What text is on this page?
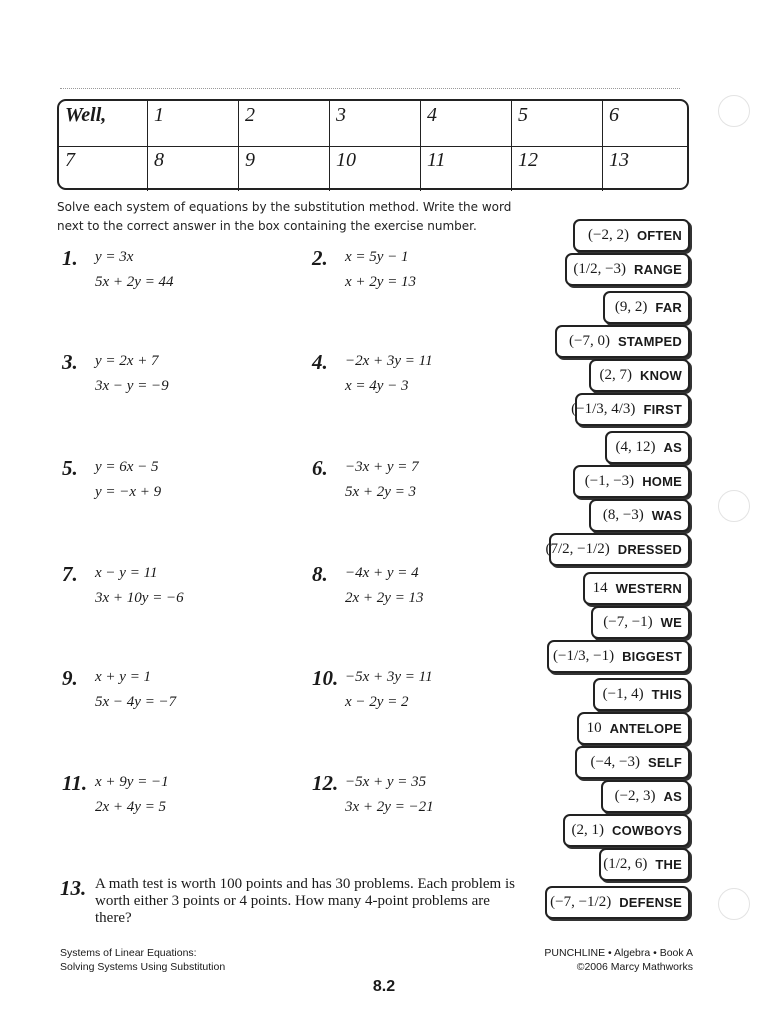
Well, 1	2	3	4	5	6
7	8	9	10	11	12	13
Solve each system of equations by the substitution method. Write the word next to the correct answer in the box containing the exercise number.
1. y = 3x
5x + 2y = 44
2. x = 5y − 1
x + 2y = 13
3. y = 2x + 7
3x − y = −9
4. −2x + 3y = 11
x = 4y − 3
5. y = 6x − 5
y = −x + 9
6. −3x + y = 7
5x + 2y = 3
7. x − y = 11
3x + 10y = −6
8. −4x + y = 4
2x + 2y = 13
9. x + y = 1
5x − 4y = −7
10. −5x + 3y = 11
x − 2y = 2
11. x + 9y = −1
2x + 4y = 5
12. −5x + y = 35
3x + 2y = −21
13. A math test is worth 100 points and has 30 problems. Each problem is worth either 3 points or 4 points. How many 4-point problems are there?
(−2, 2) OFTEN
(1/2, −3) RANGE
(9, 2) FAR
(−7, 0) STAMPED
(2, 7) KNOW
(−1/3, 4/3) FIRST
(4, 12) AS
(−1, −3) HOME
(8, −3) WAS
(7/2, −1/2) DRESSED
14 WESTERN
(−7, −1) WE
(−1/3, −1) BIGGEST
(−1, 4) THIS
10 ANTELOPE
(−4, −3) SELF
(−2, 3) AS
(2, 1) COWBOYS
(1/2, 6) THE
(−7, −1/2) DEFENSE
Systems of Linear Equations:
Solving Systems Using Substitution
PUNCHLINE • Algebra • Book A
©2006 Marcy Mathworks
8.2
